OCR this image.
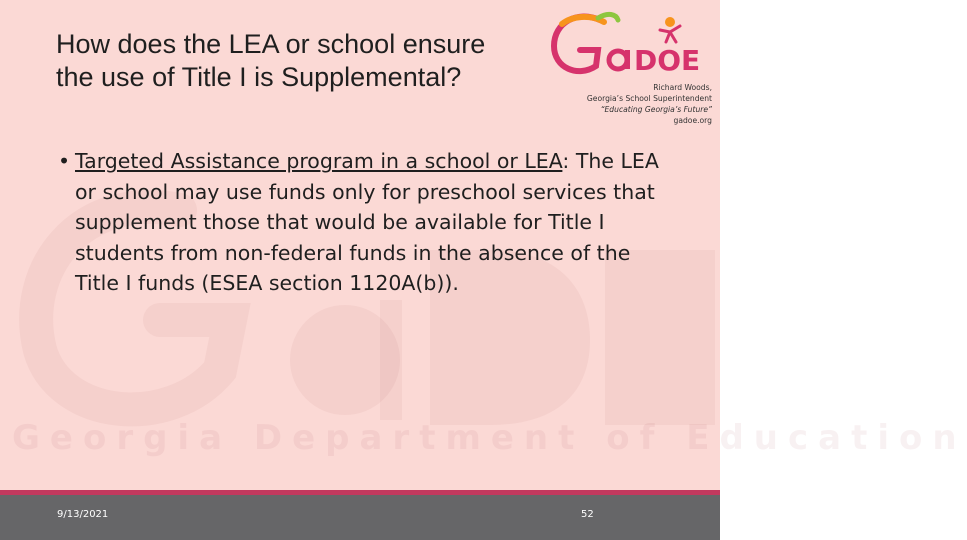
GaDOE
Georgia Department of Education
How does the LEA or school ensure the use of Title I is Supplemental?	DOE
Richard Woods,
Georgia’s School Superintendent
“Educating Georgia’s Future”
gadoe.org
• Targeted Assistance program in a school or LEA: The LEA or school may use funds only for preschool services that supplement those that would be available for Title I students from non-federal funds in the absence of the Title I funds (ESEA section 1120A(b)).
9/13/2021	52
